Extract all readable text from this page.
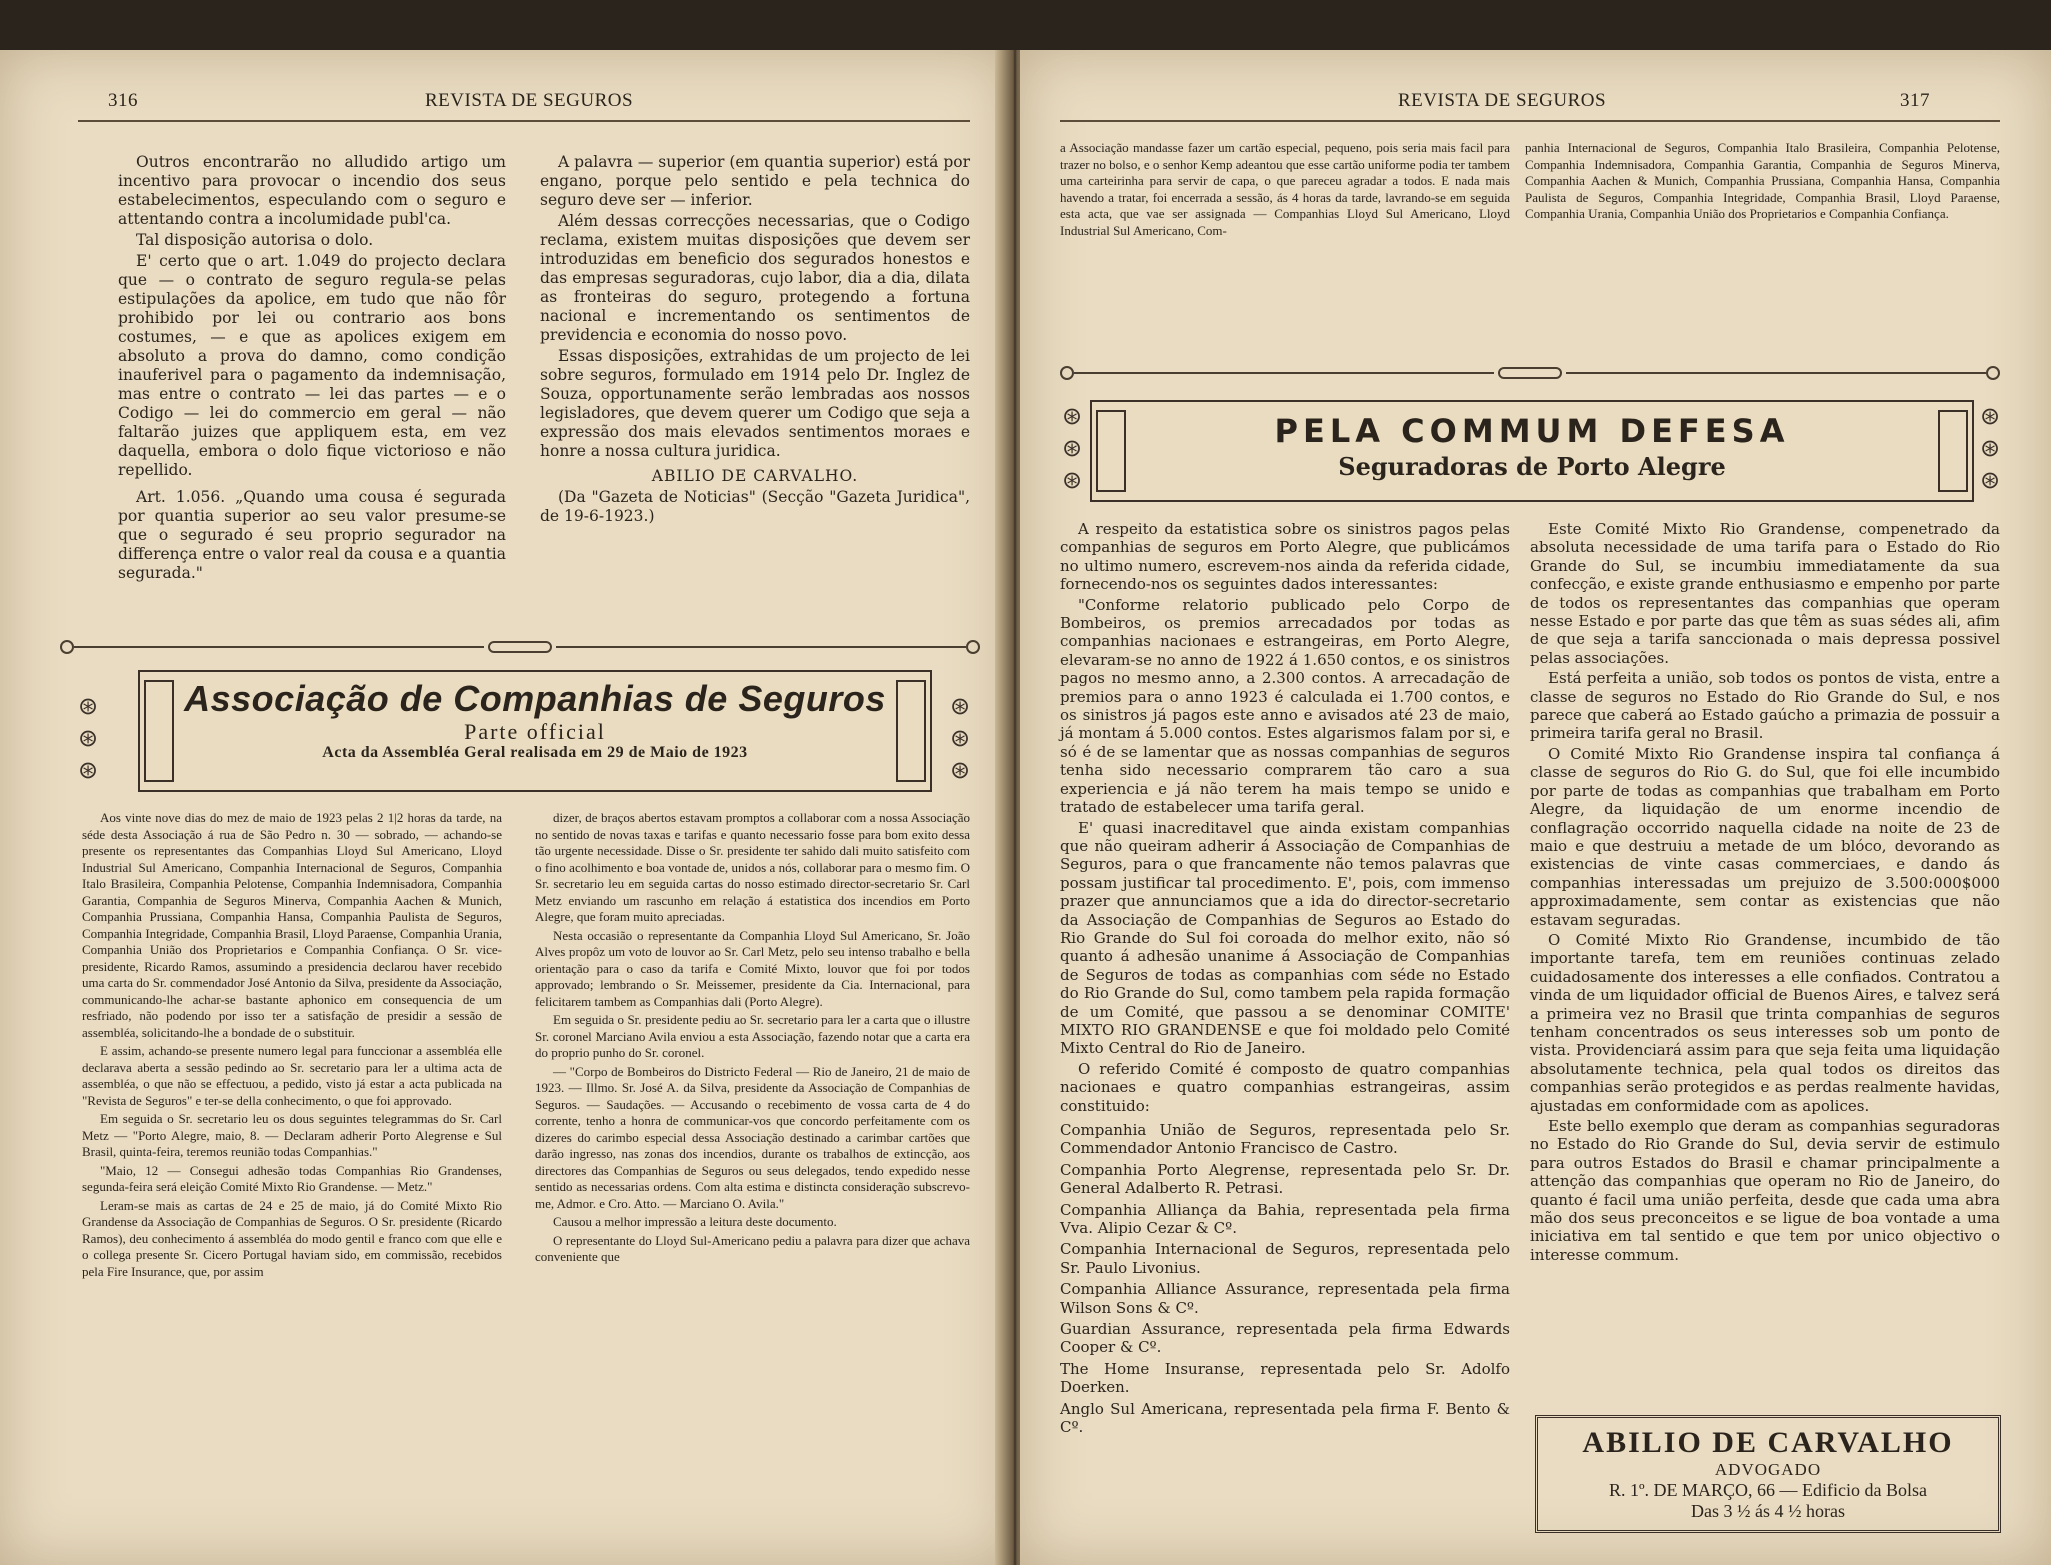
316	REVISTA DE SEGUROS

Outros encontrarão no alludido artigo um incentivo para provocar o incendio dos seus estabelecimentos, especulando com o seguro e attentando contra a incolumidade publ'ca.

Tal disposição autorisa o dolo.

E' certo que o art. 1.049 do projecto declara que — o contrato de seguro regula-se pelas estipulações da apolice, em tudo que não fôr prohibido por lei ou contrario aos bons costumes, — e que as apolices exigem em absoluto a prova do damno, como condição inauferivel para o pagamento da indemnisação, mas entre o contrato — lei das partes — e o Codigo — lei do commercio em geral — não faltarão juizes que appliquem esta, em vez daquella, embora o dolo fique victorioso e não repellido.

Art. 1.056. „Quando uma cousa é segurada por quantia superior ao seu valor presume-se que o segurado é seu proprio segurador na differença entre o valor real da cousa e a quantia segurada."

A palavra — superior (em quantia superior) está por engano, porque pelo sentido e pela technica do seguro deve ser — inferior.

Além dessas correcções necessarias, que o Codigo reclama, existem muitas disposições que devem ser introduzidas em beneficio dos segurados honestos e das empresas seguradoras, cujo labor, dia a dia, dilata as fronteiras do seguro, protegendo a fortuna nacional e incrementando os sentimentos de previdencia e economia do nosso povo.

Essas disposições, extrahidas de um projecto de lei sobre seguros, formulado em 1914 pelo Dr. Inglez de Souza, opportunamente serão lembradas aos nossos legisladores, que devem querer um Codigo que seja a expressão dos mais elevados sentimentos moraes e honre a nossa cultura juridica.

ABILIO DE CARVALHO.

(Da "Gazeta de Noticias" (Secção "Gazeta Juridica", de 19-6-1923.)

Associação de Companhias de Seguros
Parte official
Acta da Assembléa Geral realisada em 29 de Maio de 1923
⊛
⊛
⊛
⊛
⊛
⊛

Aos vinte nove dias do mez de maio de 1923 pelas 2 1|2 horas da tarde, na séde desta Associação á rua de São Pedro n. 30 — sobrado, — achando-se presente os representantes das Companhias Lloyd Sul Americano, Lloyd Industrial Sul Americano, Companhia Internacional de Seguros, Companhia Italo Brasileira, Companhia Pelotense, Companhia Indemnisadora, Companhia Garantia, Companhia de Seguros Minerva, Companhia Aachen & Munich, Companhia Prussiana, Companhia Hansa, Companhia Paulista de Seguros, Companhia Integridade, Companhia Brasil, Lloyd Paraense, Companhia Urania, Companhia União dos Proprietarios e Companhia Confiança. O Sr. vice-presidente, Ricardo Ramos, assumindo a presidencia declarou haver recebido uma carta do Sr. commendador José Antonio da Silva, presidente da Associação, communicando-lhe achar-se bastante aphonico em consequencia de um resfriado, não podendo por isso ter a satisfação de presidir a sessão de assembléa, solicitando-lhe a bondade de o substituir.

E assim, achando-se presente numero legal para funccionar a assembléa elle declarava aberta a sessão pedindo ao Sr. secretario para ler a ultima acta de assembléa, o que não se effectuou, a pedido, visto já estar a acta publicada na "Revista de Seguros" e ter-se della conhecimento, o que foi approvado.

Em seguida o Sr. secretario leu os dous seguintes telegrammas do Sr. Carl Metz — "Porto Alegre, maio, 8. — Declaram adherir Porto Alegrense e Sul Brasil, quinta-feira, teremos reunião todas Companhias."

"Maio, 12 — Consegui adhesão todas Companhias Rio Grandenses, segunda-feira será eleição Comité Mixto Rio Grandense. — Metz."

Leram-se mais as cartas de 24 e 25 de maio, já do Comité Mixto Rio Grandense da Associação de Companhias de Seguros. O Sr. presidente (Ricardo Ramos), deu conhecimento á assembléa do modo gentil e franco com que elle e o collega presente Sr. Cicero Portugal haviam sido, em commissão, recebidos pela Fire Insurance, que, por assim

dizer, de braços abertos estavam promptos a collaborar com a nossa Associação no sentido de novas taxas e tarifas e quanto necessario fosse para bom exito dessa tão urgente necessidade. Disse o Sr. presidente ter sahido dali muito satisfeito com o fino acolhimento e boa vontade de, unidos a nós, collaborar para o mesmo fim. O Sr. secretario leu em seguida cartas do nosso estimado director-secretario Sr. Carl Metz enviando um rascunho em relação á estatistica dos incendios em Porto Alegre, que foram muito apreciadas.

Nesta occasião o representante da Companhia Lloyd Sul Americano, Sr. João Alves propôz um voto de louvor ao Sr. Carl Metz, pelo seu intenso trabalho e bella orientação para o caso da tarifa e Comité Mixto, louvor que foi por todos approvado; lembrando o Sr. Meissemer, presidente da Cia. Internacional, para felicitarem tambem as Companhias dali (Porto Alegre).

Em seguida o Sr. presidente pediu ao Sr. secretario para ler a carta que o illustre Sr. coronel Marciano Avila enviou a esta Associação, fazendo notar que a carta era do proprio punho do Sr. coronel.

— "Corpo de Bombeiros do Districto Federal — Rio de Janeiro, 21 de maio de 1923. — Illmo. Sr. José A. da Silva, presidente da Associação de Companhias de Seguros. — Saudações. — Accusando o recebimento de vossa carta de 4 do corrente, tenho a honra de communicar-vos que concordo perfeitamente com os dizeres do carimbo especial dessa Associação destinado a carimbar cartões que darão ingresso, nas zonas dos incendios, durante os trabalhos de extincção, aos directores das Companhias de Seguros ou seus delegados, tendo expedido nesse sentido as necessarias ordens. Com alta estima e distincta consideração subscrevo-me, Admor. e Cro. Atto. — Marciano O. Avila."

Causou a melhor impressão a leitura deste documento.

O representante do Lloyd Sul-Americano pediu a palavra para dizer que achava conveniente que

REVISTA DE SEGUROS	317

a Associação mandasse fazer um cartão especial, pequeno, pois seria mais facil para trazer no bolso, e o senhor Kemp adeantou que esse cartão uniforme podia ter tambem uma carteirinha para servir de capa, o que pareceu agradar a todos. E nada mais havendo a tratar, foi encerrada a sessão, ás 4 horas da tarde, lavrando-se em seguida esta acta, que vae ser assignada — Companhias Lloyd Sul Americano, Lloyd Industrial Sul Americano, Com-

panhia Internacional de Seguros, Companhia Italo Brasileira, Companhia Pelotense, Companhia Indemnisadora, Companhia Garantia, Companhia de Seguros Minerva, Companhia Aachen & Munich, Companhia Prussiana, Companhia Hansa, Companhia Paulista de Seguros, Companhia Integridade, Companhia Brasil, Lloyd Paraense, Companhia Urania, Companhia União dos Proprietarios e Companhia Confiança.

PELA COMMUM DEFESA
Seguradoras de Porto Alegre
⊛
⊛
⊛
⊛
⊛
⊛

A respeito da estatistica sobre os sinistros pagos pelas companhias de seguros em Porto Alegre, que publicámos no ultimo numero, escrevem-nos ainda da referida cidade, fornecendo-nos os seguintes dados interessantes:

"Conforme relatorio publicado pelo Corpo de Bombeiros, os premios arrecadados por todas as companhias nacionaes e estrangeiras, em Porto Alegre, elevaram-se no anno de 1922 á 1.650 contos, e os sinistros pagos no mesmo anno, a 2.300 contos. A arrecadação de premios para o anno 1923 é calculada ei 1.700 contos, e os sinistros já pagos este anno e avisados até 23 de maio, já montam á 5.000 contos. Estes algarismos falam por si, e só é de se lamentar que as nossas companhias de seguros tenha sido necessario comprarem tão caro a sua experiencia e já não terem ha mais tempo se unido e tratado de estabelecer uma tarifa geral.

E' quasi inacreditavel que ainda existam companhias que não queiram adherir á Associação de Companhias de Seguros, para o que francamente não temos palavras que possam justificar tal procedimento. E', pois, com immenso prazer que annunciamos que a ida do director-secretario da Associação de Companhias de Seguros ao Estado do Rio Grande do Sul foi coroada do melhor exito, não só quanto á adhesão unanime á Associação de Companhias de Seguros de todas as companhias com séde no Estado do Rio Grande do Sul, como tambem pela rapida formação de um Comité, que passou a se denominar COMITE' MIXTO RIO GRANDENSE e que foi moldado pelo Comité Mixto Central do Rio de Janeiro.

O referido Comité é composto de quatro companhias nacionaes e quatro companhias estrangeiras, assim constituido:

Companhia União de Seguros, representada pelo Sr. Commendador Antonio Francisco de Castro.

Companhia Porto Alegrense, representada pelo Sr. Dr. General Adalberto R. Petrasi.

Companhia Alliança da Bahia, representada pela firma Vva. Alipio Cezar & Cº.

Companhia Internacional de Seguros, representada pelo Sr. Paulo Livonius.

Companhia Alliance Assurance, representada pela firma Wilson Sons & Cº.

Guardian Assurance, representada pela firma Edwards Cooper & Cº.

The Home Insuranse, representada pelo Sr. Adolfo Doerken.

Anglo Sul Americana, representada pela firma F. Bento & Cº.

Este Comité Mixto Rio Grandense, compenetrado da absoluta necessidade de uma tarifa para o Estado do Rio Grande do Sul, se incumbiu immediatamente da sua confecção, e existe grande enthusiasmo e empenho por parte de todos os representantes das companhias que operam nesse Estado e por parte das que têm as suas sédes ali, afim de que seja a tarifa sanccionada o mais depressa possivel pelas associações.

Está perfeita a união, sob todos os pontos de vista, entre a classe de seguros no Estado do Rio Grande do Sul, e nos parece que caberá ao Estado gaúcho a primazia de possuir a primeira tarifa geral no Brasil.

O Comité Mixto Rio Grandense inspira tal confiança á classe de seguros do Rio G. do Sul, que foi elle incumbido por parte de todas as companhias que trabalham em Porto Alegre, da liquidação de um enorme incendio de conflagração occorrido naquella cidade na noite de 23 de maio e que destruiu a metade de um blóco, devorando as existencias de vinte casas commerciaes, e dando ás companhias interessadas um prejuizo de 3.500:000$000 approximadamente, sem contar as existencias que não estavam seguradas.

O Comité Mixto Rio Grandense, incumbido de tão importante tarefa, tem em reuniões continuas zelado cuidadosamente dos interesses a elle confiados. Contratou a vinda de um liquidador official de Buenos Aires, e talvez será a primeira vez no Brasil que trinta companhias de seguros tenham concentrados os seus interesses sob um ponto de vista. Providenciará assim para que seja feita uma liquidação absolutamente technica, pela qual todos os direitos das companhias serão protegidos e as perdas realmente havidas, ajustadas em conformidade com as apolices.

Este bello exemplo que deram as companhias seguradoras no Estado do Rio Grande do Sul, devia servir de estimulo para outros Estados do Brasil e chamar principalmente a attenção das companhias que operam no Rio de Janeiro, do quanto é facil uma união perfeita, desde que cada uma abra mão dos seus preconceitos e se ligue de boa vontade a uma iniciativa em tal sentido e que tem por unico objectivo o interesse commum.

ABILIO DE CARVALHO
ADVOGADO
R. 1º. DE MARÇO, 66 — Edificio da Bolsa
Das 3 ½ ás 4 ½ horas
